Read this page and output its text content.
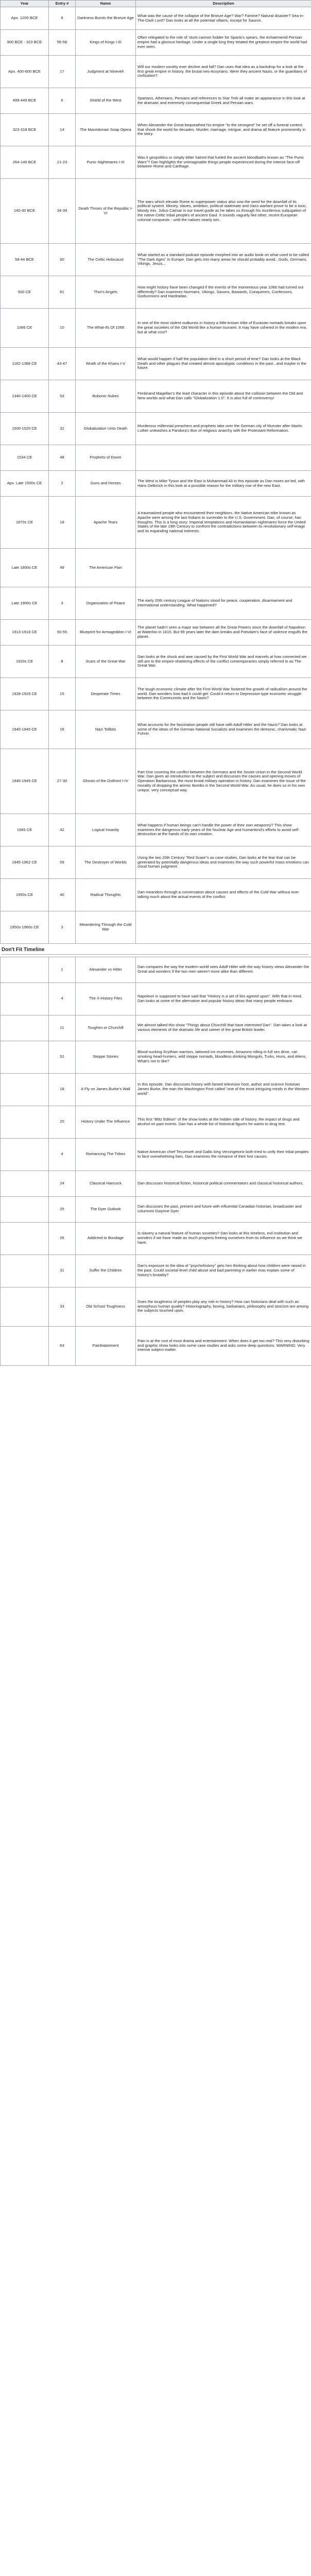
Year	Entry #	Name	Description
Apx. 1200 BCE	9	Darkness Bursts the Bronze Age	What was the cause of the collapse of the Bronze Age? War? Famine? Natural disaster? Sea-in-The-Dark Lord? Dan looks at all the potential villains, except for Sauron.
900 BCE - 323 BCE	56-58	Kings of Kings I-III	Often relegated to the role of 'stunt cannon fodder for Sparta's spears, the Achaemenid Persian empire had a glorious heritage. Under a single king they treated the greatest empire the world had ever seen.
Apx. 400-600 BCE	17	Judgment at Nineveh	Will our modern society ever decline and fall? Dan uses that idea as a backdrop for a look at the first great empire in history, the brutal neo-Assyrians. Were they ancient Nazis, or the guardians of civilization?
499-449 BCE	6	Shield of the West	Spartans, Athenians, Persians and references to Star Trek all make an appearance in this look at the dramatic and extremely consequential Greek and Persian wars.
323-318 BCE	14	The Macedonian Soap Opera	When Alexander the Great bequeathed his empire "to the strongest" he set off a funeral contest that shook the world for decades. Murder, marriage, intrigue, and drama all feature prominently in the story.
264-146 BCE	21-23	Punic Nightmares I-III	Was it geopolitics or simply bitter hatred that fueled the ancient bloodbaths known as "The Punic Wars"? Dan highlights the unimaginable things people experienced during the intense face-off between Rome and Carthage.
140-30 BCE	34-39	Death Throes of the Republic I-VI	The wars which elevate Rome to superpower status also sow the seed for the downfall of its political system. Money, slaves, ambition, political stalemate and class warfare prove to be a toxic, bloody mix. Julius Caesar is our travel guide as he takes us through his murderous subjugation of the native Celtic tribal peoples of ancient Gaul. It sounds vaguely like other, recent European colonial conquests - until the natives nearly win.
58-44 BCE	60	The Celtic Holocaust	What started as a standard podcast episode morphed into an audio book on what used to be called "The Dark Ages" in Europe. Dan gets into many areas he should probably avoid...Gods, Germans, Vikings, Jesus...
500 CE	61	Thor's Angels	How might history have been changed if the events of the momentous year 1066 had turned out differently? Dan examines Normans, Vikings, Saxons, Bastards, Conquerers, Confessors, Godsonsons and Hardradas.
1066 CE	10	The What-Ifs Of 1066	In one of the most violent outbursts in history a little-known tribe of Eurasian nomads breaks upon the great societies of the Old World like a human tsunami. It may have ushered in the modern era, but at what cost?
1162-1368 CE	43-47	Wrath of the Khans I-V	What would happen if half the population died in a short period of time? Dan looks at the Black Death and other plagues that created almost apocalyptic conditions in the past...and maybe in the future.
1340-1400 CE	53	Bubonic Nukes	Ferdinand Magellan's the lead character in this episode about the collision between the Old and New worlds and what Dan calls "Globalization 1.0". It is also full of controversy!
1500-1520 CE	32	Globalization Unto Death	Murderous millennial preachers and prophets take over the German city of Munster after Martin Luther unleashes a Pandora's Box of religious anarchy with the Protestant Reformation.
1534 CE	48	Prophets of Doom	
Apx. Late 1500s CE	2	Guns and Horses	The West is Mike Tyson and the East is Muhammad Ali in this episode as Dan mixes art-led, with Hans Delbrück in this look at a possible reason for the military rise of the new East.
1870s CE	19	Apache Tears	A traumatized people who encountered their neighbors, the Native American tribe known as Apache were among the last Indians to surrender to the U.S. Government. Dan, of course, has thoughts. This is a long story: Imperial temptations and Humanitarian nightmares force the United States of the late 19th Century to confront the contradictions between its revolutionary self-image and its expanding national interests.
Late 1800s CE	49	The American Pain	
Late 1900s CE	3	Organization of Peace	The early 20th century League of Nations stood for peace, cooperation, disarmament and international understanding. What happened?
1913-1918 CE	50-55	Blueprint for Armageddon I-VI	The planet hadn't seen a major war between all the Great Powers since the downfall of Napoleon at Waterloo in 1815. But 99 years later the dam breaks and Potsdam's face of violence engulfs the planet.
1920s CE	8	Scars of the Great War	Dan looks at the shock and awe caused by the First World War and marvels at how connected we still are to the empire-shattering effects of the conflict contemporaries simply referred to as The Great War.
1928-1929 CE	15	Desperate Times	The tough economic climate after the First World War fostered the growth of radicalism around the world. Dan wonders how bad it could get: Could it return to Depression-type economic struggle between the Communists and the Nazis?
1940-1945 CE	16	Nazi Tollbits	What accounts for the fascination people still have with Adolf Hitler and the Nazis? Dan looks at some of the ideas of the German National Socialists and examines the demonic, charismatic Nazi Fuhrer.
1940-1945 CE	27-30	Ghosts of the Ostfront I-IV	Part One covering the conflict between the Germans and the Soviet Union in the Second World War. Dan gives an introduction to the subject and discusses the causes and opening moves of Operation Barbarossa, the most brutal military operation in history. Dan examines the issue of the morality of dropping the atomic Bombs in the Second World War. As usual, he does so in his own unique, very conceptual way.
1945 CE	42	Logical Insanity	What happens if human beings can't handle the power of their own weaponry? This show examines the dangerous early years of the Nuclear Age and humankind's efforts to avoid self-destruction at the hands of its own creation.
1945-1962 CE	59	The Destroyer of Worlds	Using the two 20th Century "Red Scare"s as case studies, Dan looks at the fear that can be generated by potentially dangerous ideas and examines the way such powerful mass emotions can cloud human judgment.
1950s CE	40	Radical Thoughts	Dan meanders through a conversation about causes and effects of the Cold War without ever talking much about the actual events of the conflict.
1950s-1960s CE	3	Meandering Through the Cold War	
Don't Fit Timeline
	1	Alexander vs Hitler	Dan compares the way the modern world sees Adolf Hitler with the way history views Alexander the Great and wonders if the two men weren't more alike than different.
	4	The X-History Files	Napoleon is supposed to have said that "History is a set of lies agreed upon". With that in mind, Dan looks at some of the alternative and popular history ideas that many people embrace.
	11	Toughen or Churchill	We almost talked this show "Things about Churchill that have interested Dan". Dan takes a look at various elements of the dramatic life and career of the great British leader.
	52	Steppe Stories	Blood-sucking Scythian warriors, tattooed ice mummies, Amazons riding in full sex drive, cat-smoking head-hunters, wild steppe nomads, bloodless drinking Mongols, Turks, Huns, and Aliens. What's not to like?
	18	A Fly on James Burke's Wall	In this episode, Dan discusses history with famed television host, author and science historian James Burke, the man the Washington Post called "one of the most intriguing minds in the Western world".
	20	History Under The Influence	This first "Blitz Edition" of the show looks at the hidden side of history, the impact of drugs and alcohol on past events. Dan has a whole list of historical figures he wants to drug test.
	4	Romancing The Tribes	Native American chief Tecumseh and Gallic king Vercingetorix both tried to unify their tribal peoples to face overwhelming foes. Dan examines the romance of their lost causes.
	24	Classical Hancock	Dan discusses historical fiction, historical political commentators and classical historical authors.
	25	The Dyer Outlook	Dan discusses the past, present and future with influential Canadian historian, broadcaster and columnist Gwynne Dyer.
	26	Addicted to Bondage	Is slavery a natural feature of human societies? Dan looks at this timeless, evil institution and wonders if we have made as much progress freeing ourselves from its influence as we think we have.
	31	Suffer the Children	Dan's exposure to the idea of "psychohistory" gets him thinking about how children were raised in the past. Could societal-level child abuse and bad parenting in earlier eras explain some of history's brutality?
	33	Old School Toughness	Does the toughness of peoples play any role in history? How can historians deal with such an amorphous human quality? Historiography, boxing, barbarians, philosophy and stoicism are among the subjects touched upon.
	63	Painfotainment	Pain is at the root of most drama and entertainment. When does it get too real? This very disturbing and graphic show looks into some case studies and asks some deep questions. WARNING: Very intense subject matter.
